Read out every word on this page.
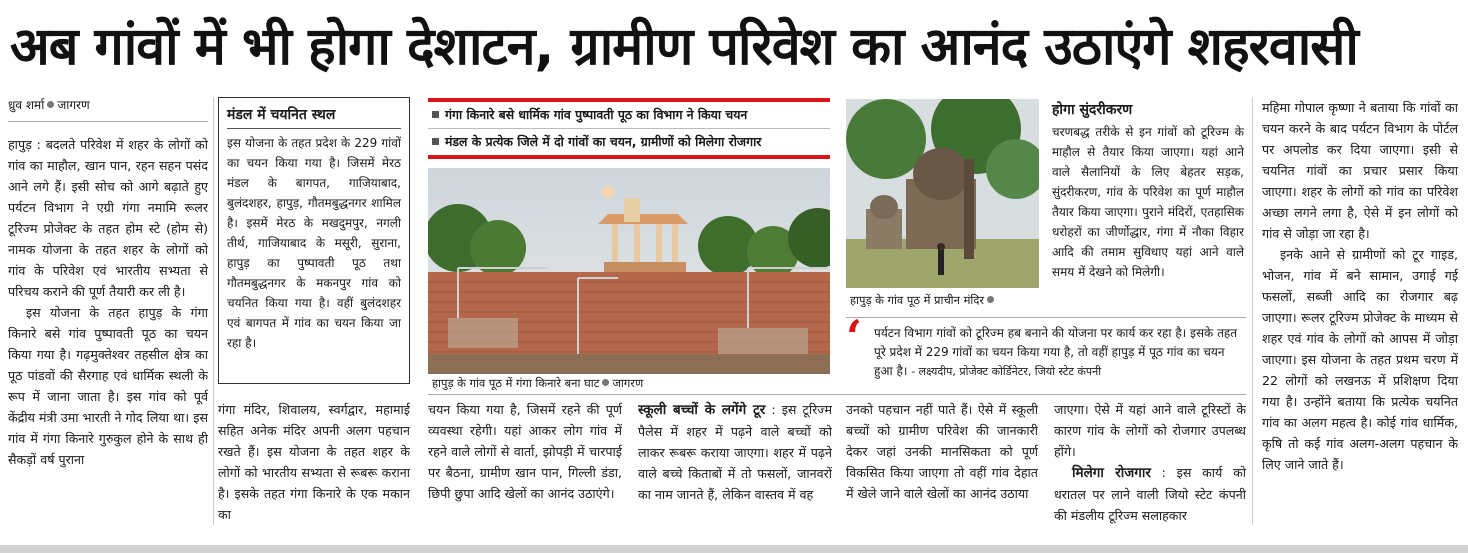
अब गांवों में भी होगा देशाटन, ग्रामीण परिवेश का आनंद उठाएंगे शहरवासी
ध्रुव शर्मा जागरण

हापुड़ : बदलते परिवेश में शहर के लोगों को गांव का माहौल, खान पान, रहन सहन पसंद आने लगे हैं। इसी सोच को आगे बढ़ाते हुए पर्यटन विभाग ने एग्री गंगा नमामि रूलर टूरिज्म प्रोजेक्ट के तहत होम स्टे (होम से) नामक योजना के तहत शहर के लोगों को गांव के परिवेश एवं भारतीय सभ्यता से परिचय कराने की पूर्ण तैयारी कर ली है।

इस योजना के तहत हापुड़ के गंगा किनारे बसे गांव पुष्पावती पूठ का चयन किया गया है। गढ़मुक्तेश्वर तहसील क्षेत्र का पूठ पांडवों की सैरगाह एवं धार्मिक स्थली के रूप में जाना जाता है। इस गांव को पूर्व केंद्रीय मंत्री उमा भारती ने गोद लिया था। इस गांव में गंगा किनारे गुरुकुल होने के साथ ही सैकड़ों वर्ष पुराना

मंडल में चयनित स्थल
इस योजना के तहत प्रदेश के 229 गांवों का चयन किया गया है। जिसमें मेरठ मंडल के बागपत, गाजियाबाद, बुलंदशहर, हापुड़, गौतमबुद्धनगर शामिल है। इसमें मेरठ के मखदुमपुर, नगली तीर्थ, गाजियाबाद के मसूरी, सुराना, हापुड़ का पुष्पावती पूठ तथा गौतमबुद्धनगर के मकनपुर गांव को चयनित किया गया है। वहीं बुलंदशहर एवं बागपत में गांव का चयन किया जा रहा है।
गंगा किनारे बसे धार्मिक गांव पुष्पावती पूठ का विभाग ने किया चयन
मंडल के प्रत्येक जिले में दो गांवों का चयन, ग्रामीणों को मिलेगा रोजगार
हापुड़ के गांव पूठ में गंगा किनारे बना घाट जागरण
हापुड़ के गांव पूठ में प्राचीन मंदिर
होगा सुंदरीकरण
चरणबद्ध तरीके से इन गांवों को टूरिज्म के माहौल से तैयार किया जाएगा। यहां आने वाले सैलानियों के लिए बेहतर सड़क, सुंदरीकरण, गांव के परिवेश का पूर्ण माहौल तैयार किया जाएगा। पुराने मंदिरों, एतहासिक धरोहरों का जीर्णोद्धार, गंगा में नौका विहार आदि की तमाम सुविधाए यहां आने वाले समय में देखने को मिलेगी।
‘ पर्यटन विभाग गांवों को टूरिज्म हब बनाने की योजना पर कार्य कर रहा है। इसके तहत पूरे प्रदेश में 229 गांवों का चयन किया गया है, तो वहीं हापुड़ में पूठ गांव का चयन हुआ है। - लक्ष्यदीप, प्रोजेक्ट कोर्डिनेटर, जियो स्टेट कंपनी

गंगा मंदिर, शिवालय, स्वर्गद्वार, महामाई सहित अनेक मंदिर अपनी अलग पहचान रखते हैं। इस योजना के तहत शहर के लोगों को भारतीय सभ्यता से रूबरू कराना है। इसके तहत गंगा किनारे के एक मकान का

चयन किया गया है, जिसमें रहने की पूर्ण व्यवस्था रहेगी। यहां आकर लोग गांव में रहने वाले लोगों से वार्ता, झोपड़ी में चारपाई पर बैठना, ग्रामीण खान पान, गिल्ली डंडा, छिपी छुपा आदि खेलों का आनंद उठाएंगे।

स्कूली बच्चों के लगेंगे टूर : इस टूरिज्म पैलेस में शहर में पढ़ने वाले बच्चों को लाकर रूबरू कराया जाएगा। शहर में पढ़ने वाले बच्चे किताबों में तो फसलों, जानवरों का नाम जानते हैं, लेकिन वास्तव में वह

उनको पहचान नहीं पाते हैं। ऐसे में स्कूली बच्चों को ग्रामीण परिवेश की जानकारी देकर जहां उनकी मानसिकता को पूर्ण विकसित किया जाएगा तो वहीं गांव देहात में खेले जाने वाले खेलों का आनंद उठाया

जाएगा। ऐसे में यहां आने वाले टूरिस्टों के कारण गांव के लोगों को रोजगार उपलब्ध होंगे।

मिलेगा रोजगार : इस कार्य को धरातल पर लाने वाली जियो स्टेट कंपनी की मंडलीय टूरिज्म सलाहकार

महिमा गोपाल कृष्णा ने बताया कि गांवों का चयन करने के बाद पर्यटन विभाग के पोर्टल पर अपलोड कर दिया जाएगा। इसी से चयनित गांवों का प्रचार प्रसार किया जाएगा। शहर के लोगों को गांव का परिवेश अच्छा लगने लगा है, ऐसे में इन लोगों को गांव से जोड़ा जा रहा है।

इनके आने से ग्रामीणों को टूर गाइड, भोजन, गांव में बने सामान, उगाई गई फसलों, सब्जी आदि का रोजगार बढ़ जाएगा। रूलर टूरिज्म प्रोजेक्ट के माध्यम से शहर एवं गांव के लोगों को आपस में जोड़ा जाएगा। इस योजना के तहत प्रथम चरण में 22 लोगों को लखनऊ में प्रशिक्षण दिया गया है। उन्होंने बताया कि प्रत्येक चयनित गांव का अलग महत्व है। कोई गांव धार्मिक, कृषि तो कई गांव अलग-अलग पहचान के लिए जाने जाते हैं।
